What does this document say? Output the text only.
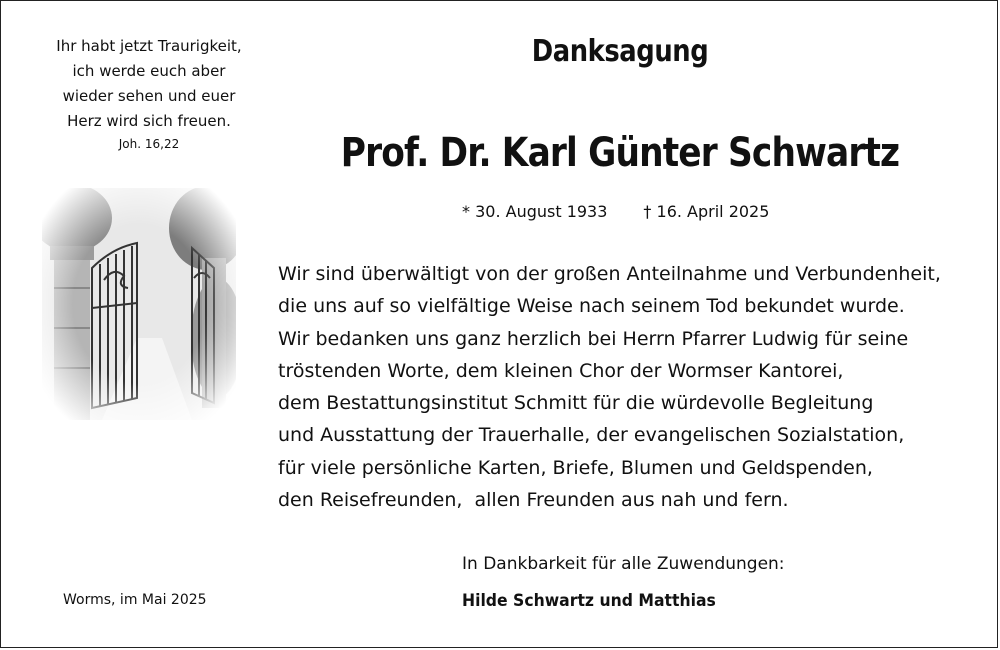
Ihr habt jetzt Traurigkeit,
ich werde euch aber
wieder sehen und euer
Herz wird sich freuen.
Joh. 16,22
Worms, im Mai 2025
Danksagung
Prof. Dr. Karl Günter Schwartz
* 30. August 1933 † 16. April 2025
Wir sind überwältigt von der großen Anteilnahme und Verbundenheit,
die uns auf so vielfältige Weise nach seinem Tod bekundet wurde.
Wir bedanken uns ganz herzlich bei Herrn Pfarrer Ludwig für seine
tröstenden Worte, dem kleinen Chor der Wormser Kantorei,
dem Bestattungsinstitut Schmitt für die würdevolle Begleitung
und Ausstattung der Trauerhalle, der evangelischen Sozialstation,
für viele persönliche Karten, Briefe, Blumen und Geldspenden,
den Reisefreunden,  allen Freunden aus nah und fern.
In Dankbarkeit für alle Zuwendungen:
Hilde Schwartz und Matthias
